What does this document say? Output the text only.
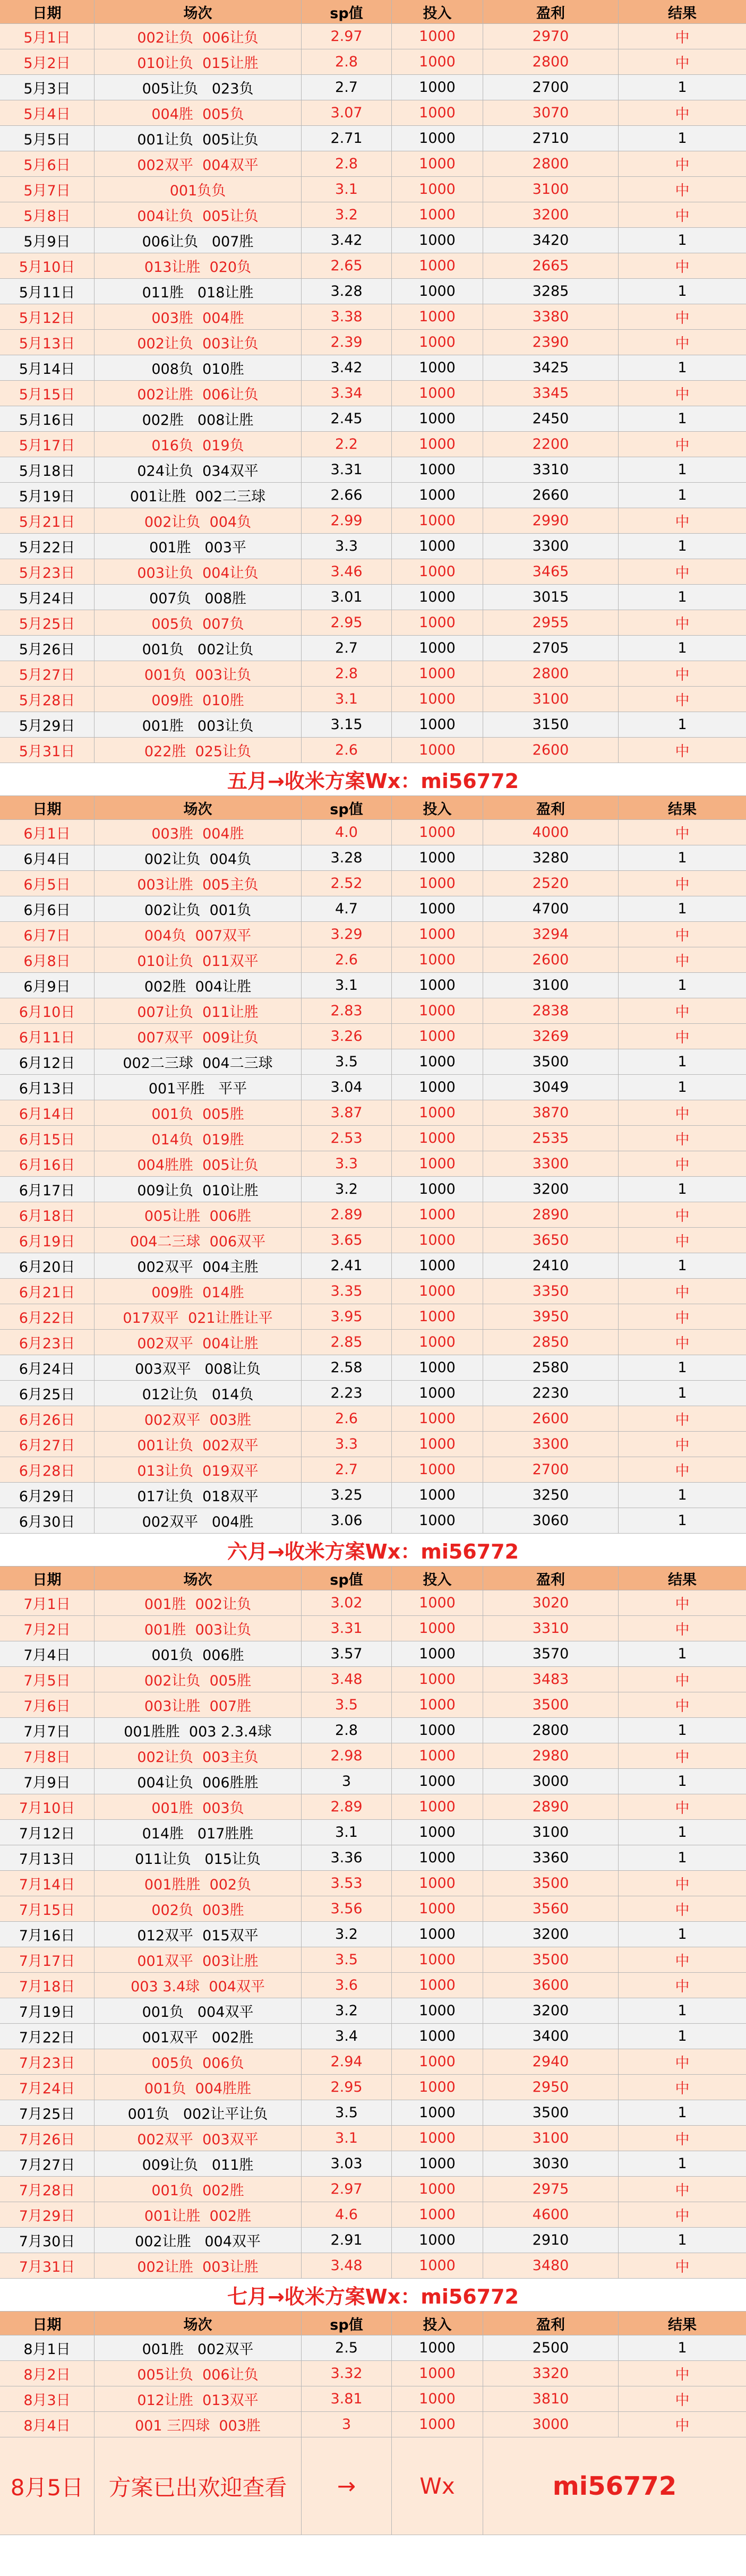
日期	场次	sp值	投入	盈利	结果
5月1日	002让负  006让负	2.97	1000	2970	中
5月2日	010让负  015让胜	2.8	1000	2800	中
5月3日	005让负   023负	2.7	1000	2700	1
5月4日	004胜  005负	3.07	1000	3070	中
5月5日	001让负  005让负	2.71	1000	2710	1
5月6日	002双平  004双平	2.8	1000	2800	中
5月7日	001负负	3.1	1000	3100	中
5月8日	004让负  005让负	3.2	1000	3200	中
5月9日	006让负   007胜	3.42	1000	3420	1
5月10日	013让胜  020负	2.65	1000	2665	中
5月11日	011胜   018让胜	3.28	1000	3285	1
5月12日	003胜  004胜	3.38	1000	3380	中
5月13日	002让负  003让负	2.39	1000	2390	中
5月14日	008负  010胜	3.42	1000	3425	1
5月15日	002让胜  006让负	3.34	1000	3345	中
5月16日	002胜   008让胜	2.45	1000	2450	1
5月17日	016负  019负	2.2	1000	2200	中
5月18日	024让负  034双平	3.31	1000	3310	1
5月19日	001让胜  002二三球	2.66	1000	2660	1
5月21日	002让负  004负	2.99	1000	2990	中
5月22日	001胜   003平	3.3	1000	3300	1
5月23日	003让负  004让负	3.46	1000	3465	中
5月24日	007负   008胜	3.01	1000	3015	1
5月25日	005负  007负	2.95	1000	2955	中
5月26日	001负   002让负	2.7	1000	2705	1
5月27日	001负  003让负	2.8	1000	2800	中
5月28日	009胜  010胜	3.1	1000	3100	中
5月29日	001胜   003让负	3.15	1000	3150	1
5月31日	022胜  025让负	2.6	1000	2600	中
五月→收米方案Wx：mi56772
日期	场次	sp值	投入	盈利	结果
6月1日	003胜  004胜	4.0	1000	4000	中
6月4日	002让负  004负	3.28	1000	3280	1
6月5日	003让胜  005主负	2.52	1000	2520	中
6月6日	002让负  001负	4.7	1000	4700	1
6月7日	004负  007双平	3.29	1000	3294	中
6月8日	010让负  011双平	2.6	1000	2600	中
6月9日	002胜  004让胜	3.1	1000	3100	1
6月10日	007让负  011让胜	2.83	1000	2838	中
6月11日	007双平  009让负	3.26	1000	3269	中
6月12日	002二三球  004二三球	3.5	1000	3500	1
6月13日	001平胜   平平	3.04	1000	3049	1
6月14日	001负  005胜	3.87	1000	3870	中
6月15日	014负  019胜	2.53	1000	2535	中
6月16日	004胜胜  005让负	3.3	1000	3300	中
6月17日	009让负  010让胜	3.2	1000	3200	1
6月18日	005让胜  006胜	2.89	1000	2890	中
6月19日	004二三球  006双平	3.65	1000	3650	中
6月20日	002双平  004主胜	2.41	1000	2410	1
6月21日	009胜  014胜	3.35	1000	3350	中
6月22日	017双平  021让胜让平	3.95	1000	3950	中
6月23日	002双平  004让胜	2.85	1000	2850	中
6月24日	003双平   008让负	2.58	1000	2580	1
6月25日	012让负   014负	2.23	1000	2230	1
6月26日	002双平  003胜	2.6	1000	2600	中
6月27日	001让负  002双平	3.3	1000	3300	中
6月28日	013让负  019双平	2.7	1000	2700	中
6月29日	017让负  018双平	3.25	1000	3250	1
6月30日	002双平   004胜	3.06	1000	3060	1
六月→收米方案Wx：mi56772
日期	场次	sp值	投入	盈利	结果
7月1日	001胜  002让负	3.02	1000	3020	中
7月2日	001胜  003让负	3.31	1000	3310	中
7月4日	001负  006胜	3.57	1000	3570	1
7月5日	002让负  005胜	3.48	1000	3483	中
7月6日	003让胜  007胜	3.5	1000	3500	中
7月7日	001胜胜  003 2.3.4球	2.8	1000	2800	1
7月8日	002让负  003主负	2.98	1000	2980	中
7月9日	004让负  006胜胜	3	1000	3000	1
7月10日	001胜  003负	2.89	1000	2890	中
7月12日	014胜   017胜胜	3.1	1000	3100	1
7月13日	011让负   015让负	3.36	1000	3360	1
7月14日	001胜胜  002负	3.53	1000	3500	中
7月15日	002负  003胜	3.56	1000	3560	中
7月16日	012双平  015双平	3.2	1000	3200	1
7月17日	001双平  003让胜	3.5	1000	3500	中
7月18日	003 3.4球  004双平	3.6	1000	3600	中
7月19日	001负   004双平	3.2	1000	3200	1
7月22日	001双平   002胜	3.4	1000	3400	1
7月23日	005负  006负	2.94	1000	2940	中
7月24日	001负  004胜胜	2.95	1000	2950	中
7月25日	001负   002让平让负	3.5	1000	3500	1
7月26日	002双平  003双平	3.1	1000	3100	中
7月27日	009让负   011胜	3.03	1000	3030	1
7月28日	001负  002胜	2.97	1000	2975	中
7月29日	001让胜  002胜	4.6	1000	4600	中
7月30日	002让胜   004双平	2.91	1000	2910	1
7月31日	002让胜  003让胜	3.48	1000	3480	中
七月→收米方案Wx：mi56772
日期	场次	sp值	投入	盈利	结果
8月1日	001胜   002双平	2.5	1000	2500	1
8月2日	005让负  006让负	3.32	1000	3320	中
8月3日	012让胜  013双平	3.81	1000	3810	中
8月4日	001 三四球  003胜	3	1000	3000	中
8月5日	方案已出欢迎查看	→	Wx	mi56772
